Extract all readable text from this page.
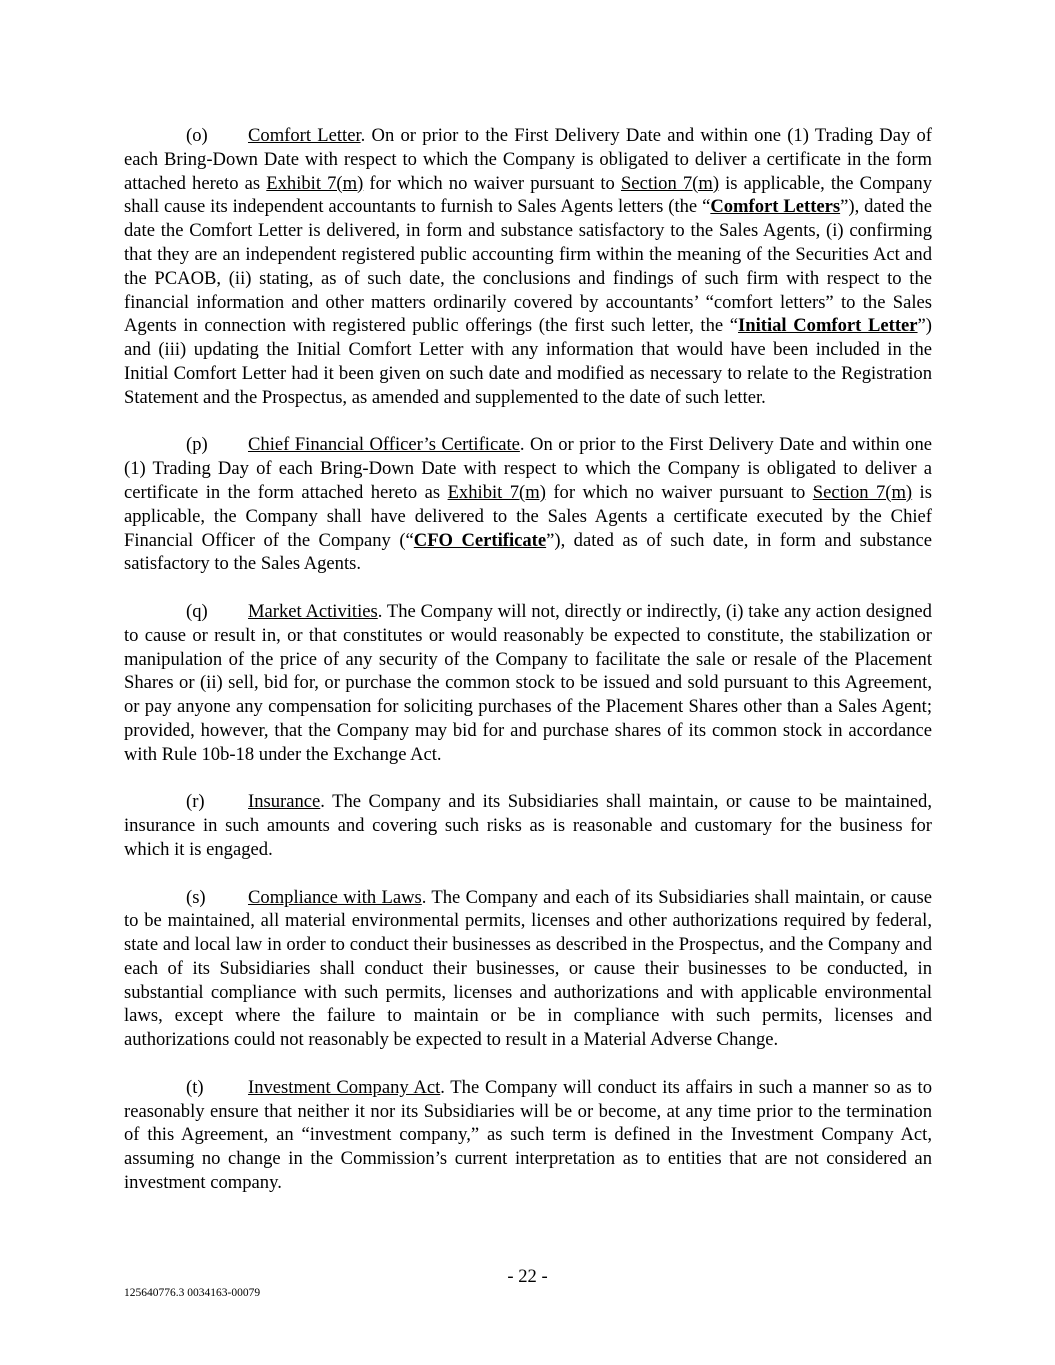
(o) Comfort Letter. On or prior to the First Delivery Date and within one (1) Trading Day of each Bring-Down Date with respect to which the Company is obligated to deliver a certificate in the form attached hereto as Exhibit 7(m) for which no waiver pursuant to Section 7(m) is applicable, the Company shall cause its independent accountants to furnish to Sales Agents letters (the “Comfort Letters”), dated the date the Comfort Letter is delivered, in form and substance satisfactory to the Sales Agents, (i) confirming that they are an independent registered public accounting firm within the meaning of the Securities Act and the PCAOB, (ii) stating, as of such date, the conclusions and findings of such firm with respect to the financial information and other matters ordinarily covered by accountants’ “comfort letters” to the Sales Agents in connection with registered public offerings (the first such letter, the “Initial Comfort Letter”) and (iii) updating the Initial Comfort Letter with any information that would have been included in the Initial Comfort Letter had it been given on such date and modified as necessary to relate to the Registration Statement and the Prospectus, as amended and supplemented to the date of such letter.

(p) Chief Financial Officer’s Certificate. On or prior to the First Delivery Date and within one (1) Trading Day of each Bring-Down Date with respect to which the Company is obligated to deliver a certificate in the form attached hereto as Exhibit 7(m) for which no waiver pursuant to Section 7(m) is applicable, the Company shall have delivered to the Sales Agents a certificate executed by the Chief Financial Officer of the Company (“CFO Certificate”), dated as of such date, in form and substance satisfactory to the Sales Agents.

(q) Market Activities. The Company will not, directly or indirectly, (i) take any action designed to cause or result in, or that constitutes or would reasonably be expected to constitute, the stabilization or manipulation of the price of any security of the Company to facilitate the sale or resale of the Placement Shares or (ii) sell, bid for, or purchase the common stock to be issued and sold pursuant to this Agreement, or pay anyone any compensation for soliciting purchases of the Placement Shares other than a Sales Agent; provided, however, that the Company may bid for and purchase shares of its common stock in accordance with Rule 10b-18 under the Exchange Act.

(r) Insurance. The Company and its Subsidiaries shall maintain, or cause to be maintained, insurance in such amounts and covering such risks as is reasonable and customary for the business for which it is engaged.

(s) Compliance with Laws. The Company and each of its Subsidiaries shall maintain, or cause to be maintained, all material environmental permits, licenses and other authorizations required by federal, state and local law in order to conduct their businesses as described in the Prospectus, and the Company and each of its Subsidiaries shall conduct their businesses, or cause their businesses to be conducted, in substantial compliance with such permits, licenses and authorizations and with applicable environmental laws, except where the failure to maintain or be in compliance with such permits, licenses and authorizations could not reasonably be expected to result in a Material Adverse Change.

(t) Investment Company Act. The Company will conduct its affairs in such a manner so as to reasonably ensure that neither it nor its Subsidiaries will be or become, at any time prior to the termination of this Agreement, an “investment company,” as such term is defined in the Investment Company Act, assuming no change in the Commission’s current interpretation as to entities that are not considered an investment company.

- 22 -
125640776.3 0034163-00079
